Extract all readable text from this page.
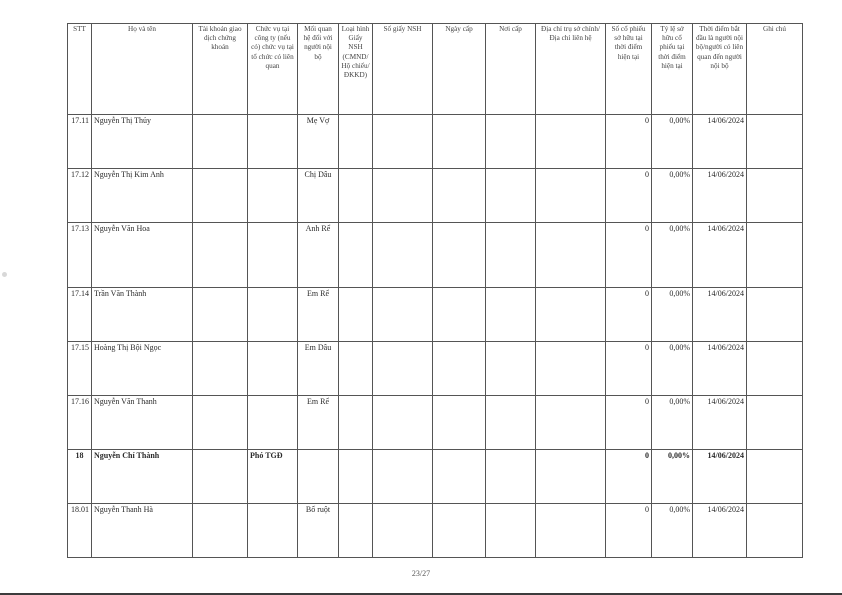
STT	Họ và tên	Tài khoản giao dịch chứng khoán	Chức vụ tại công ty (nếu có) chức vụ tại tổ chức có liên quan	Mối quan hệ đối với người nội bộ	Loại hình Giấy NSH (CMND/ Hộ chiếu/ ĐKKD)	Số giấy NSH	Ngày cấp	Nơi cấp	Địa chỉ trụ sở chính/ Địa chỉ liên hệ	Số cổ phiếu sở hữu tại thời điểm hiện tại	Tỷ lệ sở hữu cổ phiếu tại thời điểm hiện tại	Thời điểm bắt đầu là người nội bộ/người có liên quan đến người nội bộ	Ghi chú
17.11	Nguyễn Thị Thủy			Mẹ Vợ						0	0,00%	14/06/2024	
17.12	Nguyễn Thị Kim Anh			Chị Dâu						0	0,00%	14/06/2024	
17.13	Nguyễn Văn Hoa			Anh Rể						0	0,00%	14/06/2024	
17.14	Trần Văn Thành			Em Rể						0	0,00%	14/06/2024	
17.15	Hoàng Thị Bội Ngọc			Em Dâu						0	0,00%	14/06/2024	
17.16	Nguyễn Văn Thanh			Em Rể						0	0,00%	14/06/2024	
18	Nguyễn Chí Thành		Phó TGĐ							0	0,00%	14/06/2024	
18.01	Nguyễn Thanh Hà			Bố ruột						0	0,00%	14/06/2024	
23/27
